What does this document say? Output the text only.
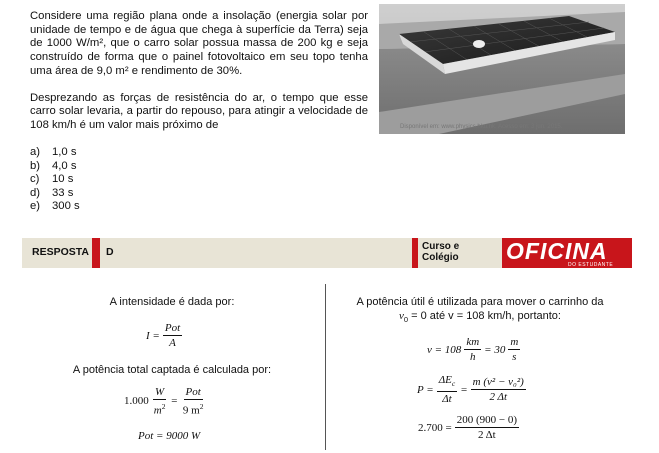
Considere uma região plana onde a insolação (energia solar por unidade de tempo e de água que chega à superfície da Terra) seja de 1000 W/m², que o carro solar possua massa de 200 kg e seja construído de forma que o painel fotovoltaico em seu topo tenha uma área de 9,0 m² e rendimento de 30%.

Desprezando as forças de resistência do ar, o tempo que esse carro solar levaria, a partir do repouso, para atingir a velocidade de 108 km/h é um valor mais próximo de

a)	1,0 s
b)	4,0 s
c)	10 s
d)	33 s
e)	300 s
Disponível em: www.physics.hku.hk. Acesso em: 3 jun. 2015.
RESPOSTA D	Curso e
Colégio OFICINA
DO ESTUDANTE
A intensidade é dada por:
$I = \frac{\text{Pot}}{A}$
A potência total captada é calculada por:
$1.000 \frac{W}{m^2} = \frac{\text{Pot}}{9 m^2}$
Pot = 9000 W
A potência útil é utilizada para mover o carrinho da
$v_0 = 0$ até v = 108 km/h, portanto:
$v = 108 \frac{km}{h} = 30 \frac{m}{s}$
$P = \frac{\Delta E_c}{\Delta t} = \frac{\text{m (v² − v₀²)}}{2 \Delta t}$
$2.700 = \frac{200 (900 - 0)}{2 \Delta t}$
